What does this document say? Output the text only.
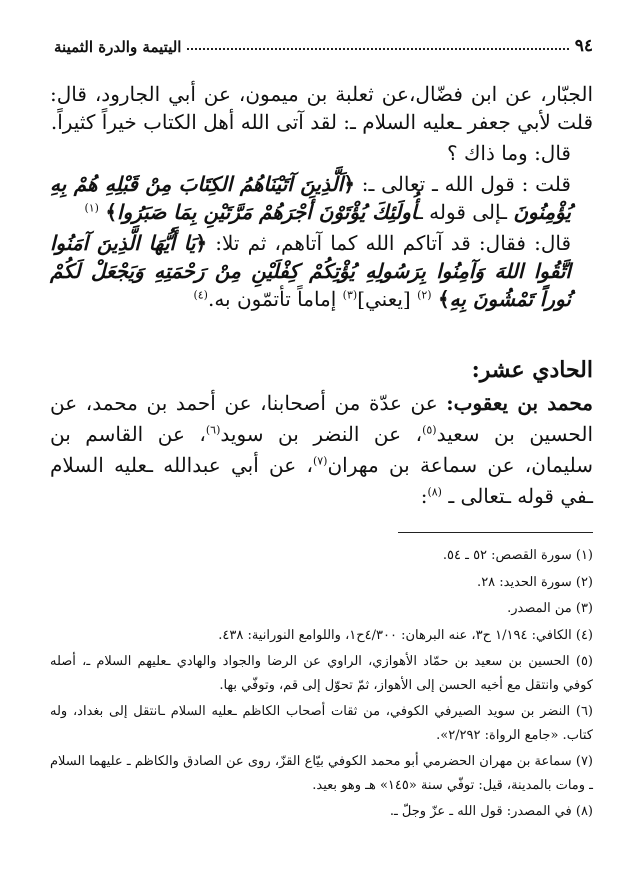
٩٤
اليتيمة والدرة الثمينة

الجبّار، عن ابن فضّال،عن ثعلبة بن ميمون، عن أبي الجارود، قال: قلت لأبي جعفر ـعليه السلام ـ: لقد آتى الله أهل الكتاب خيراً كثيراً.

قال: وما ذاك ؟

قلت : قول الله ـ تعالى ـ: ﴿اَلَّذِينَ آتَيْنَاهُمُ الكِتَابَ مِنْ قَبْلِهِ هُمْ بِهِ يُؤْمِنُونَ ـإلى قوله ـأُولَئِكَ يُؤْتَوْنَ أَجْرَهُمْ مَرَّتَيْنِ بِمَا صَبَرُوا﴾ $^{(١)}$

قال: فقال: قد آتاكم الله كما آتاهم، ثم تلا: ﴿يَا أَيُّهَا الَّذِينَ آمَنُوا اتَّقُوا اللهَ وَآمِنُوا بِرَسُولِهِ يُؤْتِكُمْ كِفْلَيْنِ مِنْ رَحْمَتِهِ وَيَجْعَلْ لَكُمْ نُوراً تَمْشُونَ بِهِ﴾ $^{(٢)}$ [يعني]$^{(٣)}$ إماماً تأتمّون به.$^{(٤)}$

الحادي عشر:

محمد بن يعقوب: عن عدّة من أصحابنا، عن أحمد بن محمد، عن الحسين بن سعيد$^{(٥)}$، عن النضر بن سويد$^{(٦)}$، عن القاسم بن سليمان، عن سماعة بن مهران$^{(٧)}$، عن أبي عبدالله ـعليه السلام ـفي قوله ـتعالى ـ $^{(٨)}$:

(١) سورة القصص: ٥٢ ـ ٥٤.
(٢) سورة الحديد: ٢٨.
(٣) من المصدر.
(٤) الكافي: ١/١٩٤ ح٣، عنه البرهان: ٤/٣٠٠ح١، واللوامع النورانية: ٤٣٨.
(٥) الحسين بن سعيد بن حمّاد الأهوازي، الراوي عن الرضا والجواد والهادي ـعليهم السلام ـ، أصله كوفي وانتقل مع أخيه الحسن إلى الأهواز، ثمّ تحوّل إلى قم، وتوفّي بها.
(٦) النضر بن سويد الصيرفي الكوفي، من ثقات أصحاب الكاظم ـعليه السلام ـانتقل إلى بغداد، وله كتاب. «جامع الرواة: ٢/٢٩٢».
(٧) سماعة بن مهران الحضرمي أبو محمد الكوفي بيّاع القزّ، روى عن الصادق والكاظم ـ عليهما السلام ـ ومات بالمدينة، قيل: توفّي سنة «١٤٥» هـ وهو بعيد.
(٨) في المصدر: قول الله ـ عزّ وجلّ ـ.
